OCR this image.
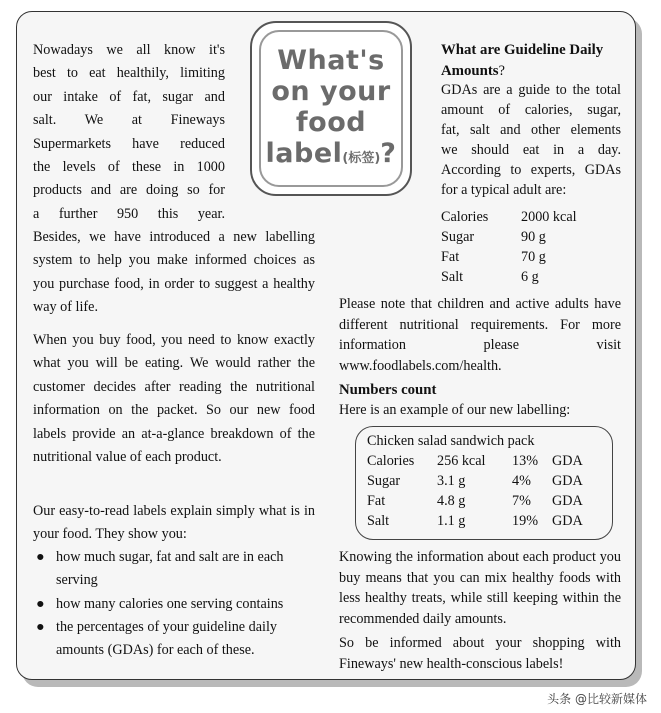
What's
on your
food
label(标签)?
Nowadays we all know it's
best to eat healthily, limiting
our intake of fat, sugar and
salt. We at Fineways
Supermarkets have reduced
the levels of these in 1000
products and are doing so for
a further 950 this year.
Besides, we have introduced a new labelling system to help you make informed choices as you purchase food, in order to suggest a healthy way of life.
When you buy food, you need to know exactly what you will be eating. We would rather the customer decides after reading the nutritional information on the packet. So our new food labels provide an at-a-glance breakdown of the nutritional value of each product.
Our easy-to-read labels explain simply what is in your food. They show you:
● how much sugar, fat and salt are in each
serving
● how many calories one serving contains
● the percentages of your guideline daily
amounts (GDAs) for each of these.
What are Guideline Daily
Amounts?
GDAs are a guide to the total
amount of calories, sugar,
fat, salt and other elements
we should eat in a day.
According to experts, GDAs
for a typical adult are:
Calories	2000 kcal
Sugar	90 g
Fat	70 g
Salt	6 g
Please note that children and active adults have different nutritional requirements. For more information please visit www.foodlabels.com/health.
Numbers count
Here is an example of our new labelling:
Chicken salad sandwich pack
Calories	256 kcal	13%	GDA
Sugar	3.1 g	4%	GDA
Fat	4.8 g	7%	GDA
Salt	1.1 g	19%	GDA
Knowing the information about each product you buy means that you can mix healthy foods with less healthy treats, while still keeping within the recommended daily amounts.
So be informed about your shopping with Fineways' new health-conscious labels!
头条 @比较新媒体
